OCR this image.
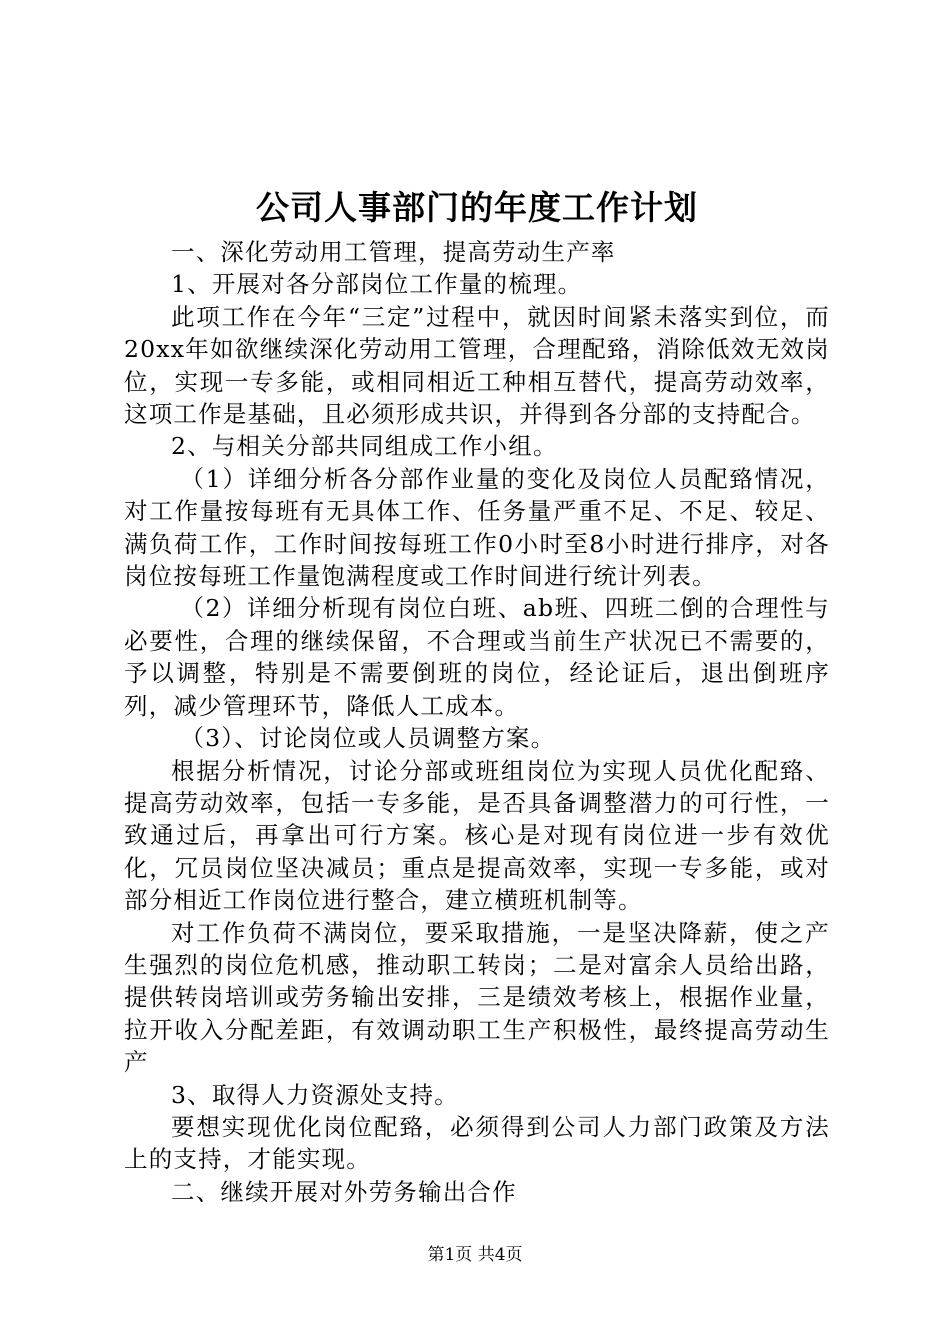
公司人事部门的年度工作计划

一、深化劳动用工管理，提高劳动生产率

1、开展对各分部岗位工作量的梳理。

此项工作在今年“三定”过程中，就因时间紧未落实到位，而20xx年如欲继续深化劳动用工管理，合理配臵，消除低效无效岗位，实现一专多能，或相同相近工种相互替代，提高劳动效率，这项工作是基础，且必须形成共识，并得到各分部的支持配合。

2、与相关分部共同组成工作小组。

（1）详细分析各分部作业量的变化及岗位人员配臵情况，对工作量按每班有无具体工作、任务量严重不足、不足、较足、满负荷工作，工作时间按每班工作0小时至8小时进行排序，对各岗位按每班工作量饱满程度或工作时间进行统计列表。

（2）详细分析现有岗位白班、ab班、四班二倒的合理性与必要性，合理的继续保留，不合理或当前生产状况已不需要的，予以调整，特别是不需要倒班的岗位，经论证后，退出倒班序列，减少管理环节，降低人工成本。

（3）、讨论岗位或人员调整方案。

根据分析情况，讨论分部或班组岗位为实现人员优化配臵、提高劳动效率，包括一专多能，是否具备调整潜力的可行性，一致通过后，再拿出可行方案。核心是对现有岗位进一步有效优化，冗员岗位坚决减员；重点是提高效率，实现一专多能，或对部分相近工作岗位进行整合，建立横班机制等。

对工作负荷不满岗位，要采取措施，一是坚决降薪，使之产生强烈的岗位危机感，推动职工转岗；二是对富余人员给出路，提供转岗培训或劳务输出安排，三是绩效考核上，根据作业量，拉开收入分配差距，有效调动职工生产积极性，最终提高劳动生产

3、取得人力资源处支持。

要想实现优化岗位配臵，必须得到公司人力部门政策及方法上的支持，才能实现。

二、继续开展对外劳务输出合作

第1页 共4页
